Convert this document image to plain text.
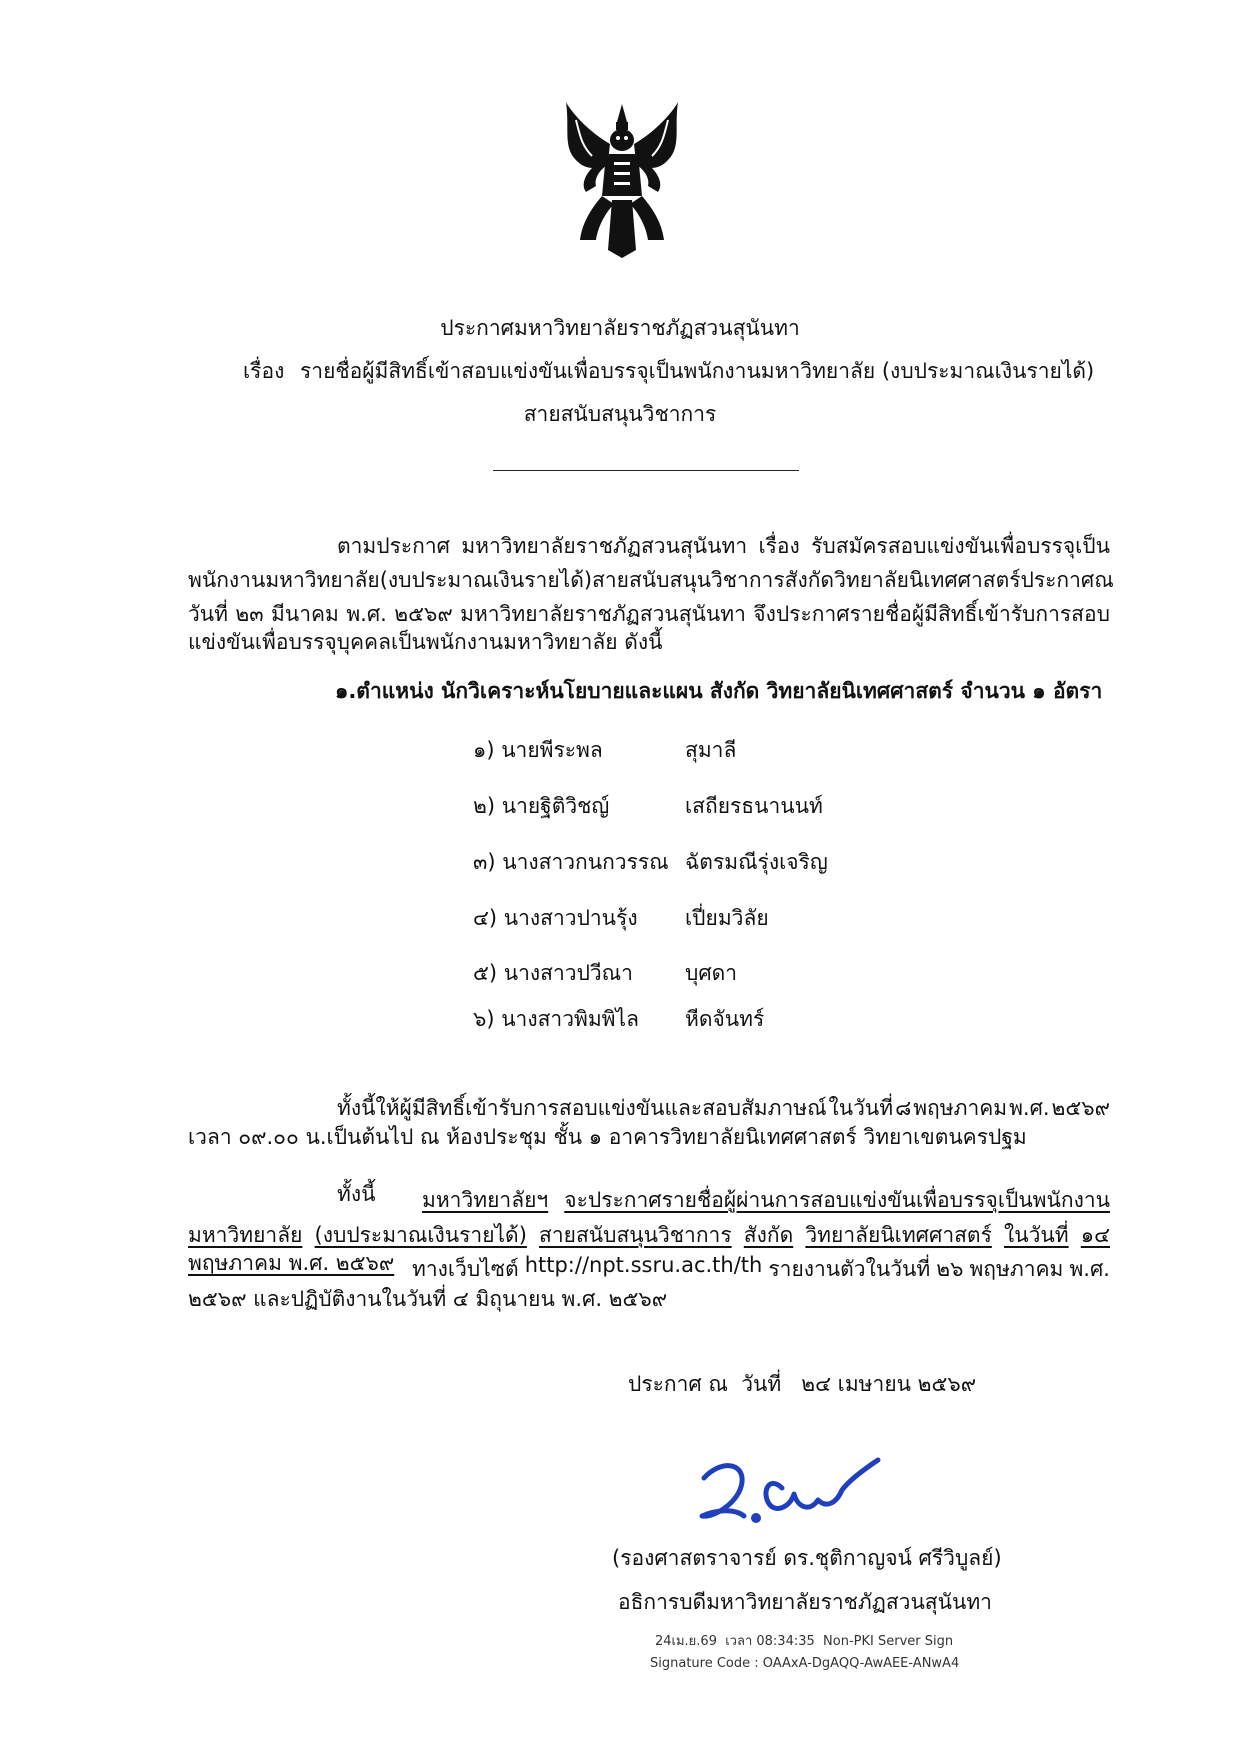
ประกาศมหาวิทยาลัยราชภัฏสวนสุนันทา
เรื่อง รายชื่อผู้มีสิทธิ์เข้าสอบแข่งขันเพื่อบรรจุเป็นพนักงานมหาวิทยาลัย (งบประมาณเงินรายได้)
สายสนับสนุนวิชาการ
ตามประกาศ มหาวิทยาลัยราชภัฏสวนสุนันทา เรื่อง รับสมัครสอบแข่งขันเพื่อบรรจุเป็น
พนักงานมหาวิทยาลัย (งบประมาณเงินรายได้) สายสนับสนุนวิชาการ สังกัด วิทยาลัยนิเทศศาสตร์ ประกาศ ณ
วันที่ ๒๓ มีนาคม พ.ศ. ๒๕๖๙ มหาวิทยาลัยราชภัฏสวนสุนันทา จึงประกาศรายชื่อผู้มีสิทธิ์เข้ารับการสอบ
แข่งขันเพื่อบรรจุบุคคลเป็นพนักงานมหาวิทยาลัย ดังนี้
๑.ตำแหน่ง นักวิเคราะห์นโยบายและแผน สังกัด วิทยาลัยนิเทศศาสตร์ จำนวน ๑ อัตรา
๑) นายพีระพล	สุมาลี
๒) นายฐิติวิชญ์	เสถียรธนานนท์
๓) นางสาวกนกวรรณ ฉัตรมณีรุ่งเจริญ
๔) นางสาวปานรุ้ง เปี่ยมวิลัย
๕) นางสาวปวีณา บุศดา
๖) นางสาวพิมพิไล หีดจันทร์
ทั้งนี้ให้ผู้มีสิทธิ์เข้ารับการสอบแข่งขันและสอบสัมภาษณ์ ในวันที่ ๘ พฤษภาคม พ.ศ. ๒๕๖๙
เวลา ๐๙.๐๐ น.เป็นต้นไป ณ ห้องประชุม ชั้น ๑ อาคารวิทยาลัยนิเทศศาสตร์ วิทยาเขตนครปฐม
ทั้งนี้ มหาวิทยาลัยฯ จะประกาศรายชื่อผู้ผ่านการสอบแข่งขันเพื่อบรรจุเป็นพนักงาน
มหาวิทยาลัย (งบประมาณเงินรายได้) สายสนับสนุนวิชาการ สังกัด วิทยาลัยนิเทศศาสตร์ ในวันที่ ๑๔
พฤษภาคม พ.ศ. ๒๕๖๙ ทางเว็บไซต์ http://npt.ssru.ac.th/th รายงานตัวในวันที่ ๒๖ พฤษภาคม พ.ศ.
๒๕๖๙ และปฏิบัติงานในวันที่ ๔ มิถุนายน พ.ศ. ๒๕๖๙
ประกาศ ณ  วันที่   ๒๔ เมษายน ๒๕๖๙
(รองศาสตราจารย์ ดร.ชุติกาญจน์ ศรีวิบูลย์)
อธิการบดีมหาวิทยาลัยราชภัฏสวนสุนันทา
24เม.ย.69  เวลา 08:34:35  Non-PKI Server Sign
Signature Code : OAAxA-DgAQQ-AwAEE-ANwA4
